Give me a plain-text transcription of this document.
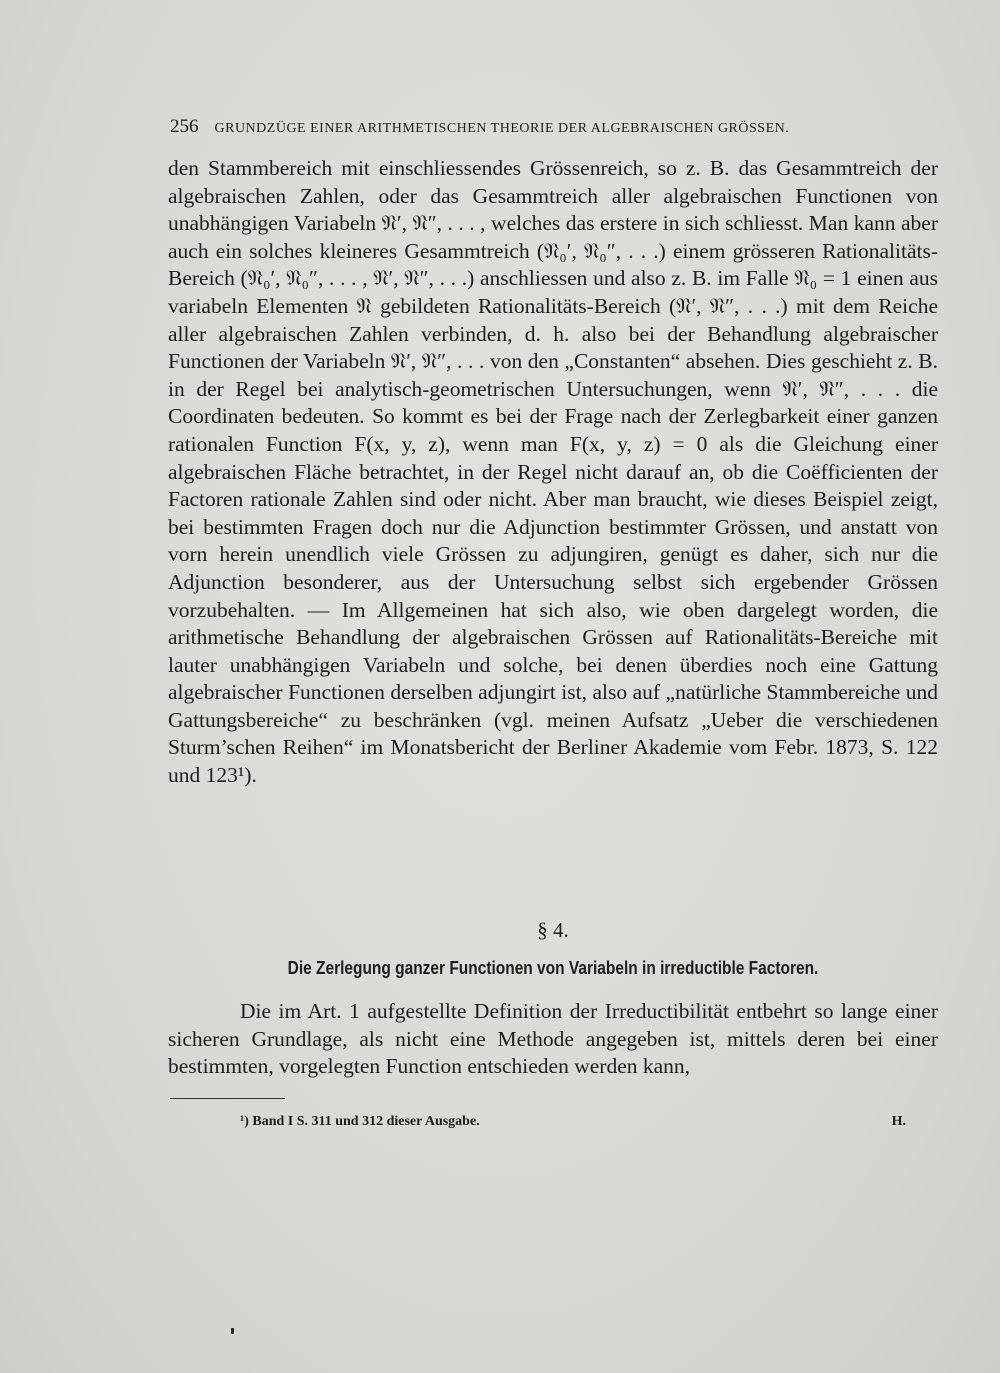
256 GRUNDZÜGE EINER ARITHMETISCHEN THEORIE DER ALGEBRAISCHEN GRÖSSEN.

den Stammbereich mit einschliessendes Grössenreich, so z. B. das Gesammtreich der algebraischen Zahlen, oder das Gesammtreich aller algebraischen Functionen von unabhängigen Variabeln 𝔑′, 𝔑″, . . . , welches das erstere in sich schliesst. Man kann aber auch ein solches kleineres Gesammtreich (𝔑₀′, 𝔑₀″, . . .) einem grösseren Rationalitäts-Bereich (𝔑₀′, 𝔑₀″, . . . , 𝔑′, 𝔑″, . . .) anschliessen und also z. B. im Falle 𝔑₀ = 1 einen aus variabeln Elementen 𝔑 gebildeten Rationalitäts-Bereich (𝔑′, 𝔑″, . . .) mit dem Reiche aller algebraischen Zahlen verbinden, d. h. also bei der Behandlung algebraischer Functionen der Variabeln 𝔑′, 𝔑″, . . . von den „Constanten“ absehen. Dies geschieht z. B. in der Regel bei analytisch-geometrischen Untersuchungen, wenn 𝔑′, 𝔑″, . . . die Coordinaten bedeuten. So kommt es bei der Frage nach der Zerlegbarkeit einer ganzen rationalen Function F(x, y, z), wenn man F(x, y, z) = 0 als die Gleichung einer algebraischen Fläche betrachtet, in der Regel nicht darauf an, ob die Coëfficienten der Factoren rationale Zahlen sind oder nicht. Aber man braucht, wie dieses Beispiel zeigt, bei bestimmten Fragen doch nur die Adjunction bestimmter Grössen, und anstatt von vorn herein unendlich viele Grössen zu adjungiren, genügt es daher, sich nur die Adjunction besonderer, aus der Untersuchung selbst sich ergebender Grössen vorzubehalten. — Im Allgemeinen hat sich also, wie oben dargelegt worden, die arithmetische Behandlung der algebraischen Grössen auf Rationalitäts-Bereiche mit lauter unabhängigen Variabeln und solche, bei denen überdies noch eine Gattung algebraischer Functionen derselben adjungirt ist, also auf „natürliche Stammbereiche und Gattungsbereiche“ zu beschränken (vgl. meinen Aufsatz „Ueber die verschiedenen Sturm’schen Reihen“ im Monatsbericht der Berliner Akademie vom Febr. 1873, S. 122 und 123¹).

§ 4.
Die Zerlegung ganzer Functionen von Variabeln in irreductible Factoren.

Die im Art. 1 aufgestellte Definition der Irreductibilität entbehrt so lange einer sicheren Grundlage, als nicht eine Methode angegeben ist, mittels deren bei einer bestimmten, vorgelegten Function entschieden werden kann,

¹) Band I S. 311 und 312 dieser Ausgabe.	H.
